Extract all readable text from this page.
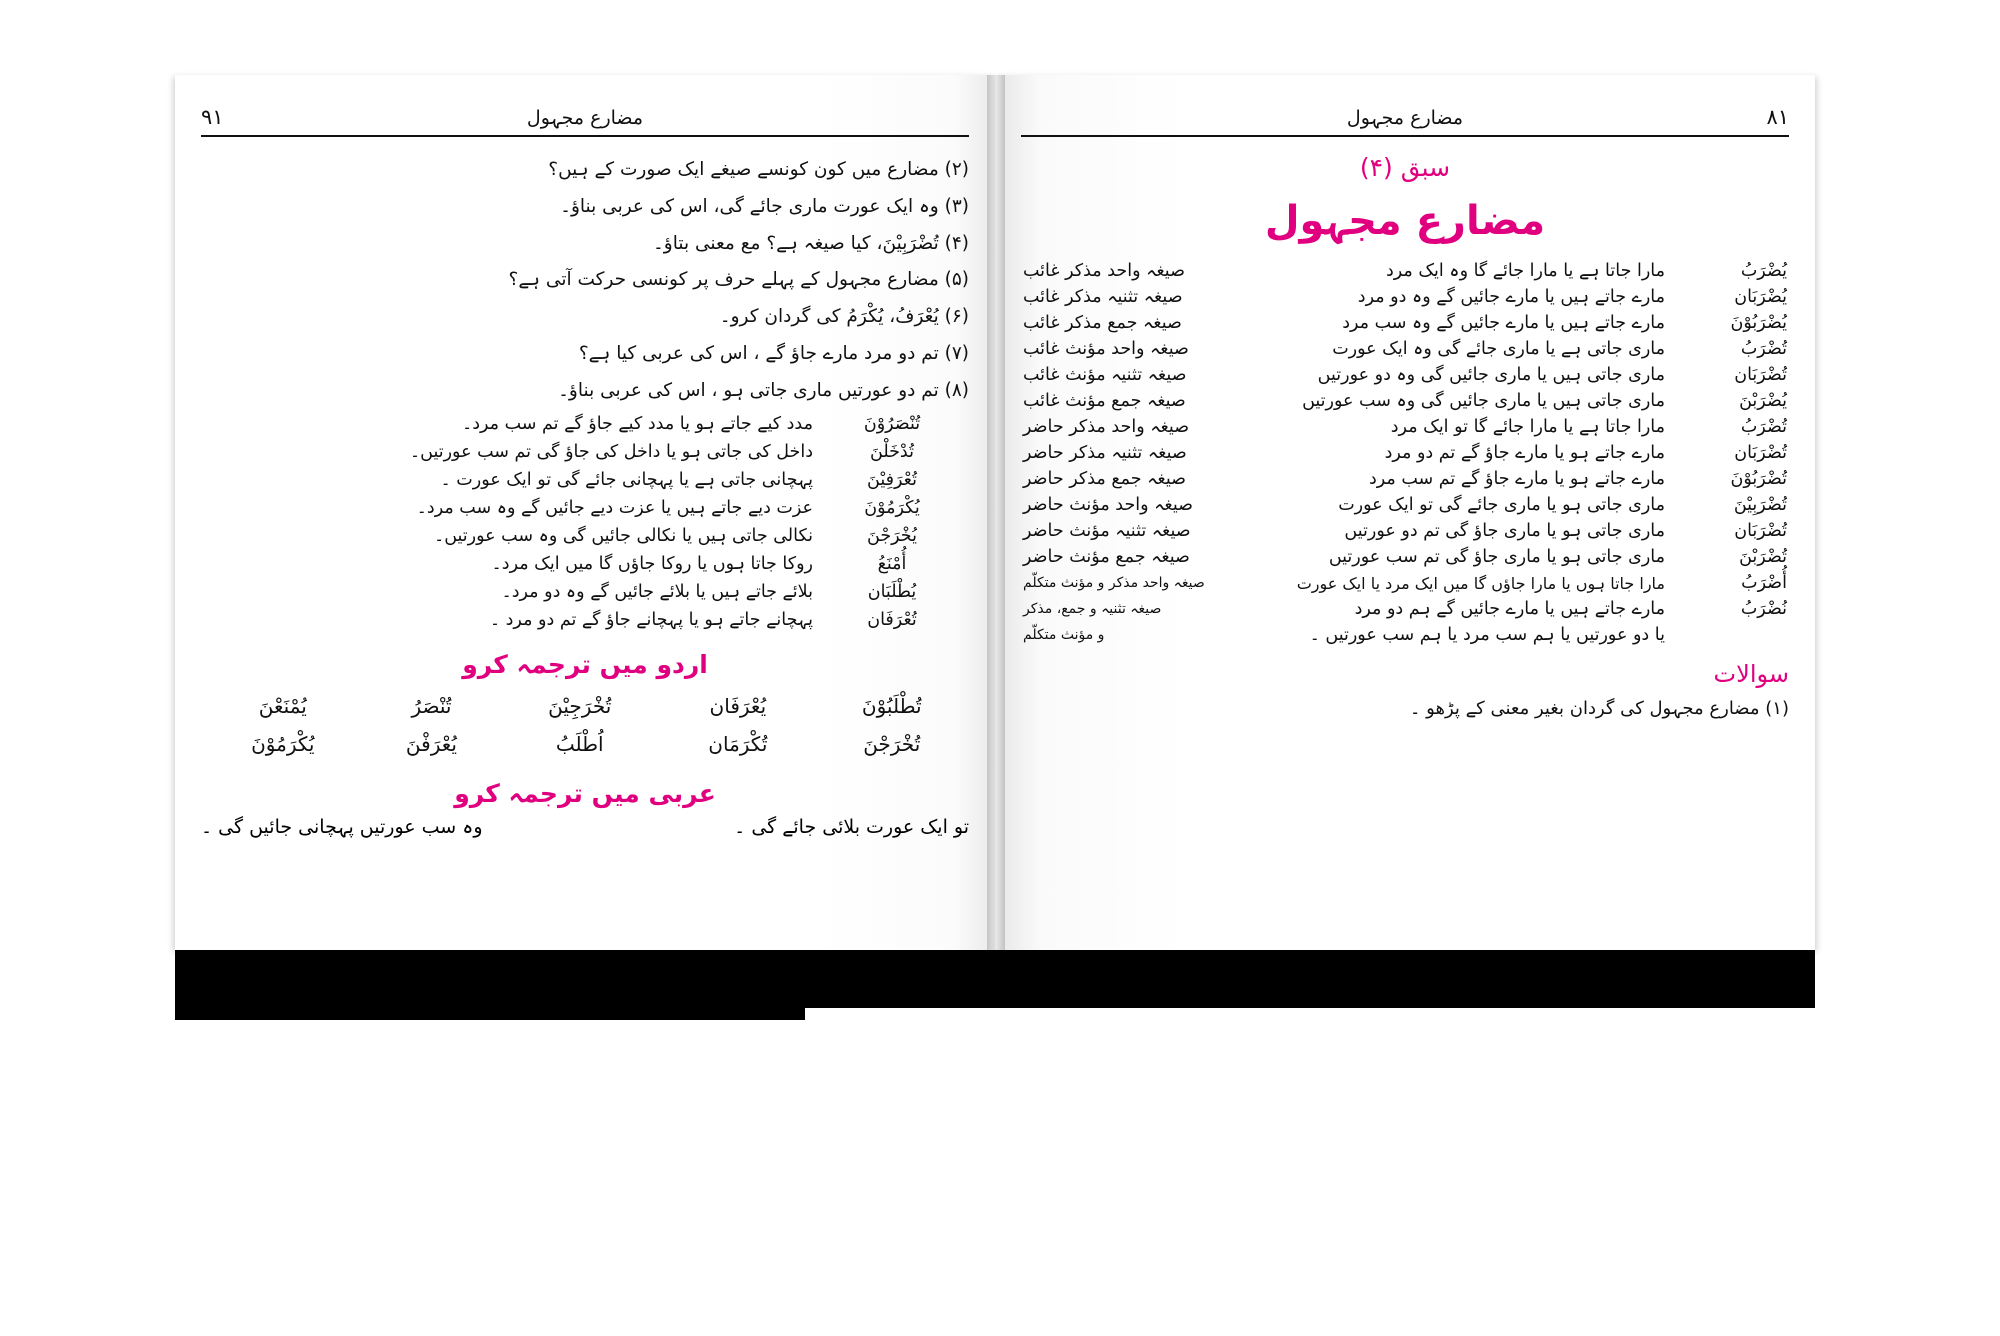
۱۹	مضارع مجہول
(۲) مضارع میں کون کونسے صیغے ایک صورت کے ہیں؟
(۳) وہ ایک عورت ماری جائے گی، اس کی عربی بناؤ۔
(۴) تُضْرَبِیْنَ، کیا صیغہ ہے؟ مع معنی بتاؤ۔
(۵) مضارع مجہول کے پہلے حرف پر کونسی حرکت آتی ہے؟
(۶) یُعْرَفُ، یُکْرَمُ کی گردان کرو۔
(۷) تم دو مرد مارے جاؤ گے ، اس کی عربی کیا ہے؟
(۸) تم دو عورتیں ماری جاتی ہو ، اس کی عربی بناؤ۔
تُنْصَرُوْنَ	مدد کیے جاتے ہو یا مدد کیے جاؤ گے تم سب مرد۔
تُدْخَلْنَ	داخل کی جاتی ہو یا داخل کی جاؤ گی تم سب عورتیں۔
تُعْرَفِیْنَ	پہچانی جاتی ہے یا پہچانی جائے گی تو ایک عورت ۔
یُکْرَمُوْنَ	عزت دیے جاتے ہیں یا عزت دیے جائیں گے وہ سب مرد۔
یُخْرَجْنَ	نکالی جاتی ہیں یا نکالی جائیں گی وہ سب عورتیں۔
أُمْنَعُ	روکا جاتا ہوں یا روکا جاؤں گا میں ایک مرد۔
یُطْلَبَان	بلائے جاتے ہیں یا بلائے جائیں گے وہ دو مرد۔
تُعْرَفَان	پہچانے جاتے ہو یا پہچانے جاؤ گے تم دو مرد ۔
اردو میں ترجمہ کرو
تُطْلَبُوْنَ	یُعْرَفَان	تُخْرَجِیْنَ	تُنْصَرُ	یُمْنَعْنَ
تُخْرَجْنَ	تُکْرَمَان	اُطْلَبُ	یُعْرَفْنَ	یُکْرَمُوْنَ
عربی میں ترجمہ کرو
تو ایک عورت بلائی جائے گی ۔
وہ سب عورتیں پہچانی جائیں گی ۔
۱۸
مضارع مجہول
سبق (۴)
مضارع مجہول
یُضْرَبُ	مارا جاتا ہے یا مارا جائے گا وہ ایک مرد	صیغہ واحد مذکر غائب
یُضْرَبَان	مارے جاتے ہیں یا مارے جائیں گے وہ دو مرد	صیغہ تثنیہ مذکر غائب
یُضْرَبُوْنَ	مارے جاتے ہیں یا مارے جائیں گے وہ سب مرد	صیغہ جمع مذکر غائب
تُضْرَبُ	ماری جاتی ہے یا ماری جائے گی وہ ایک عورت	صیغہ واحد مؤنث غائب
تُضْرَبَان	ماری جاتی ہیں یا ماری جائیں گی وہ دو عورتیں	صیغہ تثنیہ مؤنث غائب
یُضْرَبْنَ	ماری جاتی ہیں یا ماری جائیں گی وہ سب عورتیں	صیغہ جمع مؤنث غائب
تُضْرَبُ	مارا جاتا ہے یا مارا جائے گا تو ایک مرد	صیغہ واحد مذکر حاضر
تُضْرَبَان	مارے جاتے ہو یا مارے جاؤ گے تم دو مرد	صیغہ تثنیہ مذکر حاضر
تُضْرَبُوْنَ	مارے جاتے ہو یا مارے جاؤ گے تم سب مرد	صیغہ جمع مذکر حاضر
تُضْرَبِیْنَ	ماری جاتی ہو یا ماری جائے گی تو ایک عورت	صیغہ واحد مؤنث حاضر
تُضْرَبَان	ماری جاتی ہو یا ماری جاؤ گی تم دو عورتیں	صیغہ تثنیہ مؤنث حاضر
تُضْرَبْنَ	ماری جاتی ہو یا ماری جاؤ گی تم سب عورتیں	صیغہ جمع مؤنث حاضر
أُضْرَبُ	مارا جاتا ہوں یا مارا جاؤں گا میں ایک مرد یا ایک عورت	صیغہ واحد مذکر و مؤنث متکلّم
نُضْرَبُ	مارے جاتے ہیں یا مارے جائیں گے ہم دو مرد	صیغہ تثنیہ و جمع، مذکر
	یا دو عورتیں یا ہم سب مرد یا ہم سب عورتیں ۔	و مؤنث متکلّم
سوالات
(۱) مضارع مجہول کی گردان بغیر معنی کے پڑھو ۔
